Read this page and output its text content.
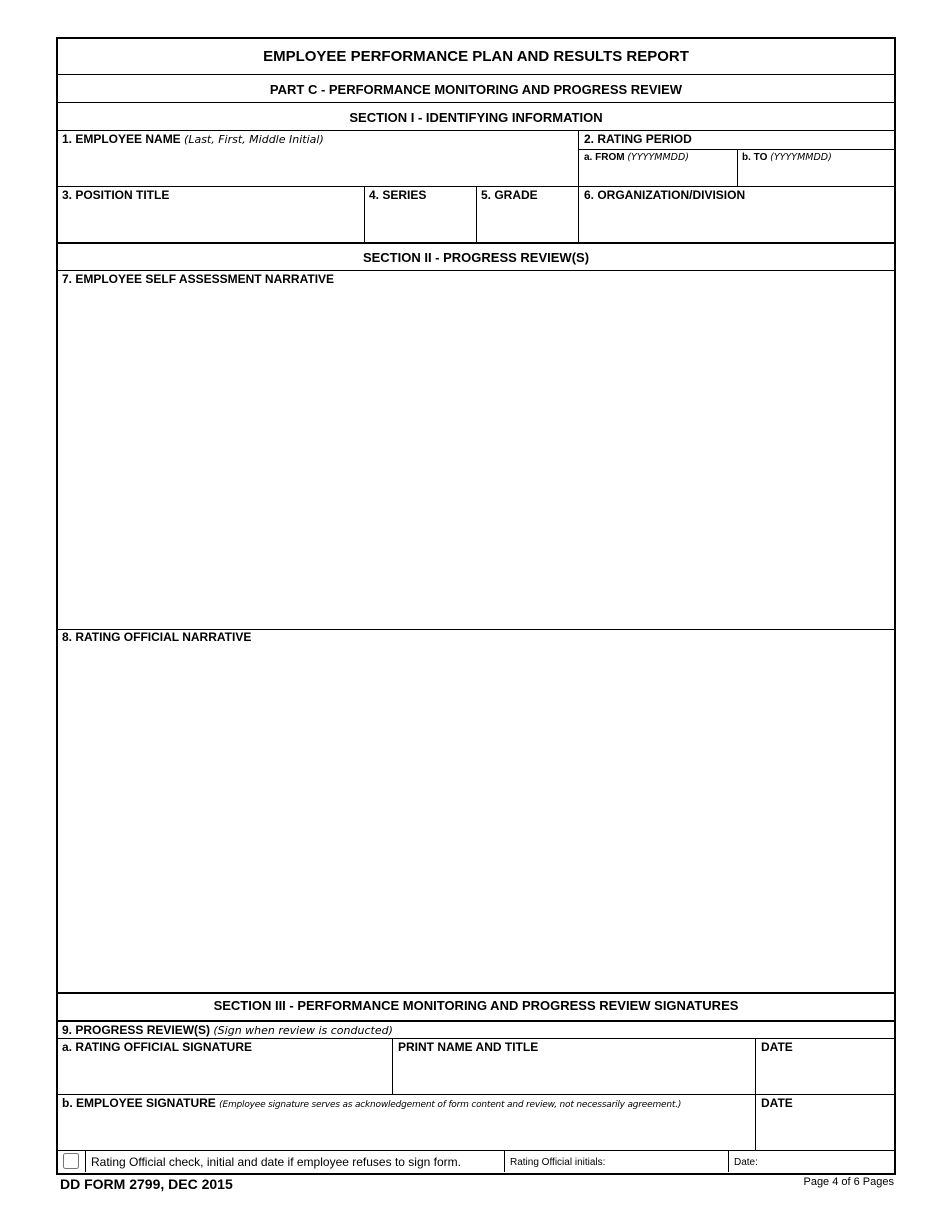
EMPLOYEE PERFORMANCE PLAN AND RESULTS REPORT
PART C - PERFORMANCE MONITORING AND PROGRESS REVIEW
SECTION I - IDENTIFYING INFORMATION
1. EMPLOYEE NAME (Last, First, Middle Initial)	2. RATING PERIOD
a. FROM (YYYYMMDD)	b. TO (YYYYMMDD)
3. POSITION TITLE	4. SERIES	5. GRADE	6. ORGANIZATION/DIVISION
SECTION II - PROGRESS REVIEW(S)
7. EMPLOYEE SELF ASSESSMENT NARRATIVE
8. RATING OFFICIAL NARRATIVE
SECTION III - PERFORMANCE MONITORING AND PROGRESS REVIEW SIGNATURES
9. PROGRESS REVIEW(S) (Sign when review is conducted)
a. RATING OFFICIAL SIGNATURE	PRINT NAME AND TITLE	DATE
b. EMPLOYEE SIGNATURE (Employee signature serves as acknowledgement of form content and review, not necessarily agreement.)	DATE
Rating Official check, initial and date if employee refuses to sign form.	Rating Official initials:	Date:
DD FORM 2799, DEC 2015	Page 4 of 6 Pages
